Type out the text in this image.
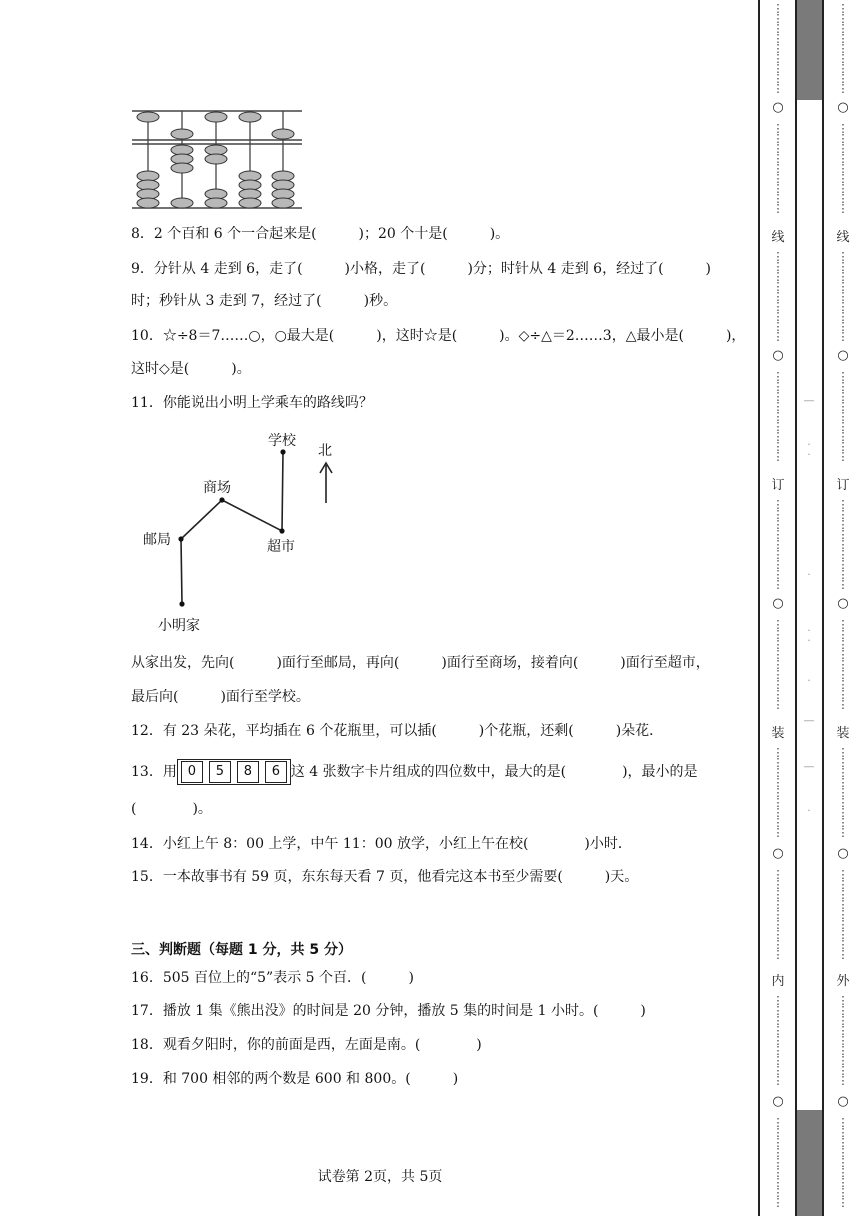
8．2 个百和 6 个一合起来是(　　　)；20 个十是(　　　)。
9．分针从 4 走到 6，走了(　　　)小格，走了(　　　)分；时针从 4 走到 6，经过了(　　　)
时；秒针从 3 走到 7，经过了(　　　)秒。
10．☆÷8＝7……○，○最大是(　　　)，这时☆是(　　　)。◇÷△＝2……3，△最小是(　　　)，
这时◇是(　　　)。
11．你能说出小明上学乘车的路线吗？
学校
北
商场
邮局	超市
小明家
从家出发，先向(　　　)面行至邮局，再向(　　　)面行至商场，接着向(　　　)面行至超市，
最后向(　　　)面行至学校。
12．有 23 朵花，平均插在 6 个花瓶里，可以插(　　　)个花瓶，还剩(　　　)朵花．
13．用 0 5 8 6 这 4 张数字卡片组成的四位数中，最大的是(　　　　)，最小的是
(　　　　)。
14．小红上午 8：00 上学，中午 11：00 放学，小红上午在校(　　　　)小时．
15．一本故事书有 59 页，东东每天看 7 页，他看完这本书至少需要(　　　)天。
三、判断题（每题 1 分，共 5 分）
16．505 百位上的“5”表示 5 个百．(　　　)
17．播放 1 集《熊出没》的时间是 20 分钟，播放 5 集的时间是 1 小时。(　　　)
18．观看夕阳时，你的前面是西，左面是南。(　　　　)
19．和 700 相邻的两个数是 600 和 800。(　　　)
试卷第 2页，共 5页
⋮
⋮
⋮
⋮
⋮
⋮
⋮
⋮
⋮
○
⋮
⋮
⋮
⋮
⋮
⋮
⋮
⋮
⋮
线
⋮
⋮
⋮
⋮
⋮
⋮
⋮
⋮
⋮
○
⋮
⋮
⋮
⋮
⋮
⋮
⋮
⋮
⋮
订
⋮
⋮
⋮
⋮
⋮
⋮
⋮
⋮
⋮
○
⋮
⋮
⋮
⋮
⋮
⋮
⋮
⋮
⋮
装
⋮
⋮
⋮
⋮
⋮
⋮
⋮
⋮
⋮
○
⋮
⋮
⋮
⋮
⋮
⋮
⋮
⋮
⋮
内
⋮
⋮
⋮
⋮
⋮
⋮
⋮
⋮
⋮
○
⋮
⋮
⋮
⋮
⋮
⋮
⋮
⋮
⋮
—
·
·
·
·
·
·
—
—
·
⋮
⋮
⋮
⋮
⋮
⋮
⋮
⋮
⋮
○
⋮
⋮
⋮
⋮
⋮
⋮
⋮
⋮
⋮
线
⋮
⋮
⋮
⋮
⋮
⋮
⋮
⋮
⋮
○
⋮
⋮
⋮
⋮
⋮
⋮
⋮
⋮
⋮
订
⋮
⋮
⋮
⋮
⋮
⋮
⋮
⋮
⋮
○
⋮
⋮
⋮
⋮
⋮
⋮
⋮
⋮
⋮
装
⋮
⋮
⋮
⋮
⋮
⋮
⋮
⋮
⋮
○
⋮
⋮
⋮
⋮
⋮
⋮
⋮
⋮
⋮
外
⋮
⋮
⋮
⋮
⋮
⋮
⋮
⋮
⋮
○
⋮
⋮
⋮
⋮
⋮
⋮
⋮
⋮
⋮
